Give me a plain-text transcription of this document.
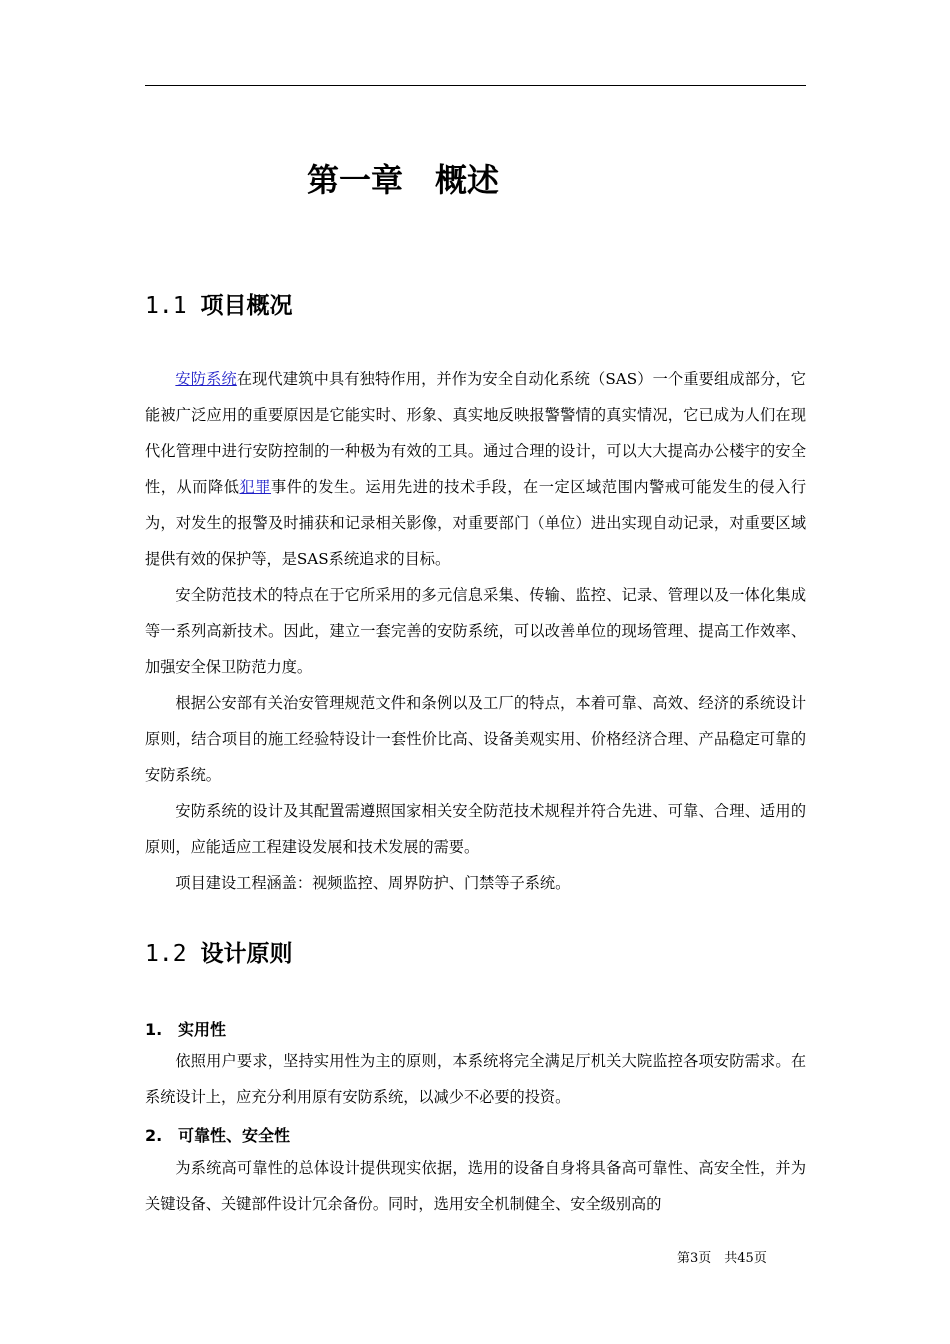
第一章　概述
1.1 项目概况

安防系统在现代建筑中具有独特作用，并作为安全自动化系统（SAS）一个重要组成部分，它能被广泛应用的重要原因是它能实时、形象、真实地反映报警警情的真实情况，它已成为人们在现代化管理中进行安防控制的一种极为有效的工具。通过合理的设计，可以大大提高办公楼宇的安全性，从而降低犯罪事件的发生。运用先进的技术手段，在一定区域范围内警戒可能发生的侵入行为，对发生的报警及时捕获和记录相关影像，对重要部门（单位）进出实现自动记录，对重要区域提供有效的保护等，是SAS系统追求的目标。

安全防范技术的特点在于它所采用的多元信息采集、传输、监控、记录、管理以及一体化集成等一系列高新技术。因此，建立一套完善的安防系统，可以改善单位的现场管理、提高工作效率、加强安全保卫防范力度。

根据公安部有关治安管理规范文件和条例以及工厂的特点，本着可靠、高效、经济的系统设计原则，结合项目的施工经验特设计一套性价比高、设备美观实用、价格经济合理、产品稳定可靠的安防系统。

安防系统的设计及其配置需遵照国家相关安全防范技术规程并符合先进、可靠、合理、适用的原则，应能适应工程建设发展和技术发展的需要。

项目建设工程涵盖：视频监控、周界防护、门禁等子系统。

1.2 设计原则
1. 实用性

依照用户要求，坚持实用性为主的原则，本系统将完全满足厅机关大院监控各项安防需求。在系统设计上，应充分利用原有安防系统，以减少不必要的投资。

2. 可靠性、安全性

为系统高可靠性的总体设计提供现实依据，选用的设备自身将具备高可靠性、高安全性，并为关键设备、关键部件设计冗余备份。同时，选用安全机制健全、安全级别高的

第3页　共45页
